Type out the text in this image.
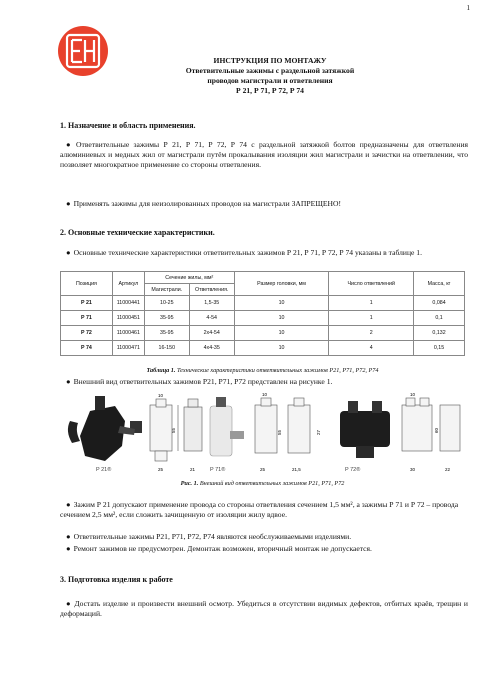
1
ИНСТРУКЦИЯ ПО МОНТАЖУ
Ответвительные зажимы с раздельной затяжкой
проводов магистрали и ответвления
Р 21, Р 71, Р 72, Р 74
1. Назначение и область применения.
● Ответвительные зажимы Р 21, Р 71, Р 72, Р 74 с раздельной затяжкой болтов предназначены для ответвления алюминиевых и медных жил от магистрали путём прокалывания изоляции жил магистрали и зачистки на ответвлении, что позволяет многократное применение со стороны ответвления.
● Применять зажимы для неизолированных проводов на магистрали ЗАПРЕЩЕНО!
2. Основные технические характеристики.
● Основные технические характеристики ответвительных зажимов Р 21, Р 71, Р 72, Р 74 указаны в таблице 1.
Позиция	Артикул	Сечение жилы, мм²		Размер головки, мм	Число ответвлений	Масса, кг
		Магистрали.	Ответвления.			
Р 21	11000441	10-25	1,5-35	10	1	0,084
Р 71	11000451	35-95	4-54	10	1	0,1
Р 72	11000461	35-95	2x4-54	10	2	0,132
Р 74	11000471	16-150	4x4-35	10	4	0,15
Таблица 1. Технические характеристики ответвительных зажимов Р21, Р71, Р72, Р74
● Внешний вид ответвительных зажимов Р21, Р71, Р72 представлен на рисунке 1.
P 21®
55
10
25	21	P 71®
10
55	27
25	21,5	P 72®
10
60
30	22
Рис. 1. Внешний вид ответвительных зажимов Р21, Р71, Р72
● Зажим Р 21 допускают применение провода со стороны ответвления сечением 1,5 мм², а зажимы Р 71 и Р 72 – провода сечением 2,5 мм², если сложить зачищенную от изоляции жилу вдвое.
● Ответвительные зажимы Р21, Р71, Р72, Р74 являются необслуживаемыми изделиями.
● Ремонт зажимов не предусмотрен. Демонтаж возможен, вторичный монтаж не допускается.
3. Подготовка изделия к работе
● Достать изделие и произвести внешний осмотр. Убедиться в отсутствии видимых дефектов, отбитых краёв, трещин и деформаций.
